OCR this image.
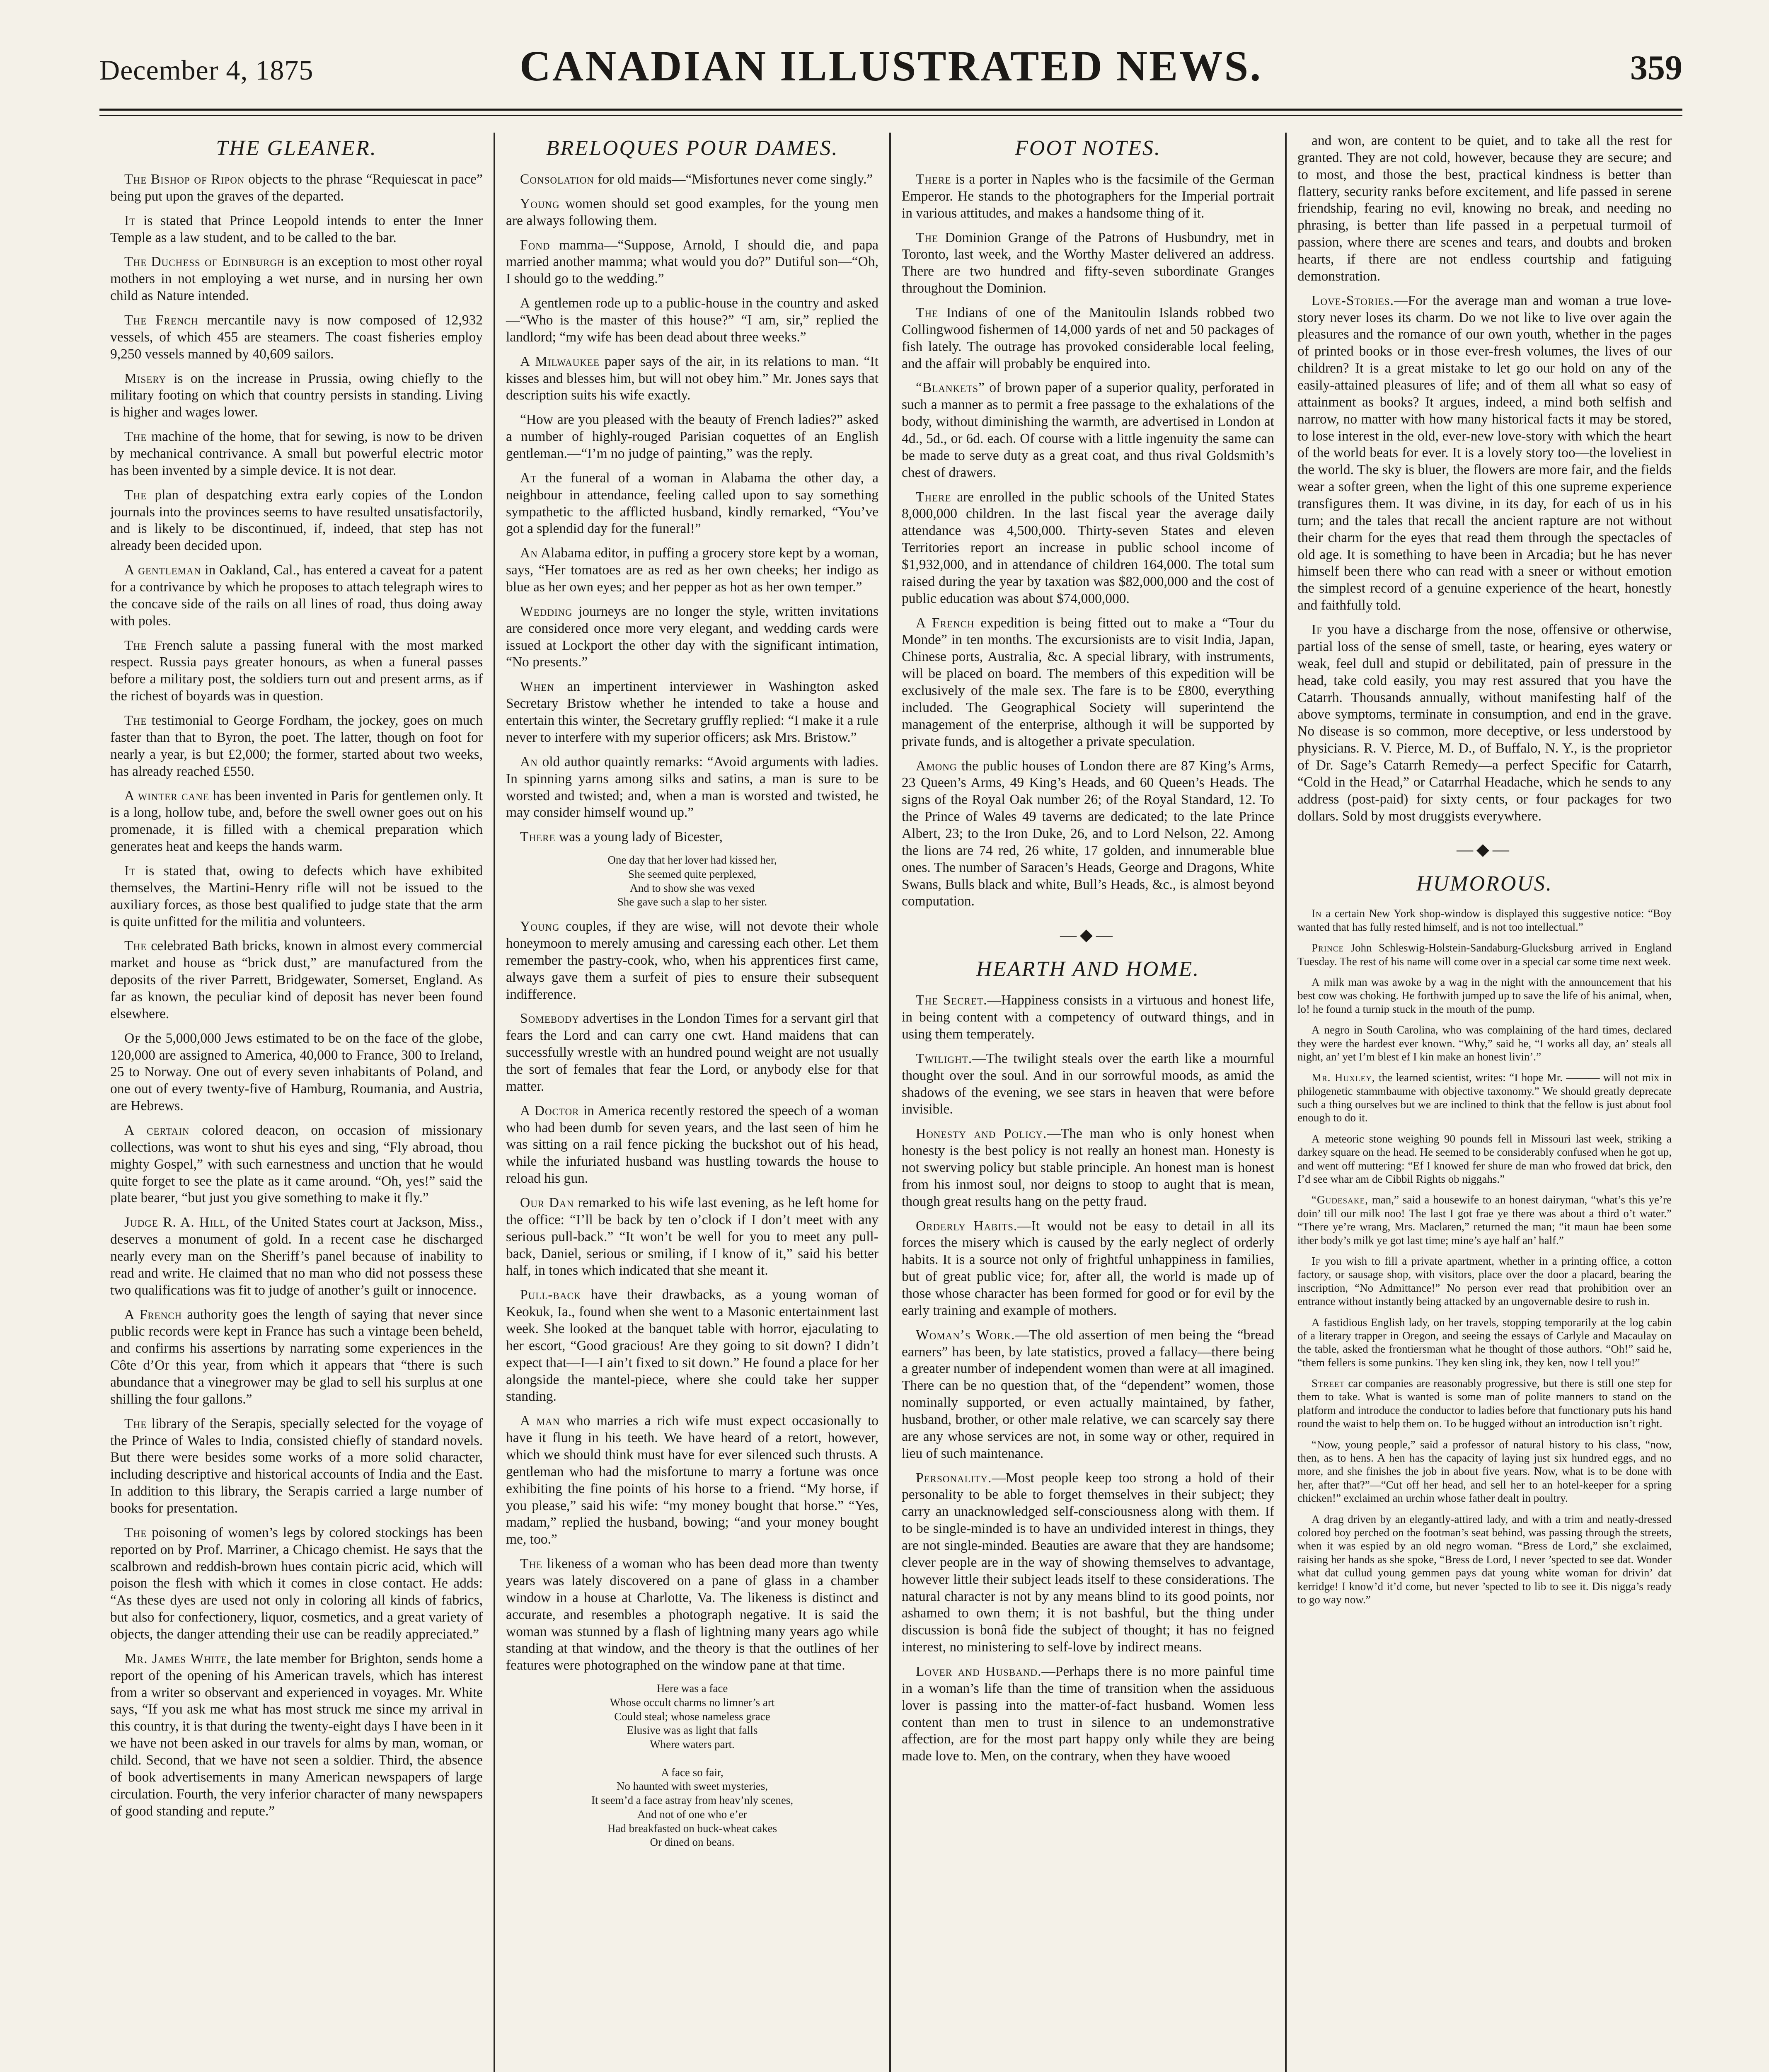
December 4, 1875	CANADIAN ILLUSTRATED NEWS.	359
THE GLEANER.

The Bishop of Ripon objects to the phrase “Requiescat in pace” being put upon the graves of the departed.

It is stated that Prince Leopold intends to enter the Inner Temple as a law student, and to be called to the bar.

The Duchess of Edinburgh is an exception to most other royal mothers in not employing a wet nurse, and in nursing her own child as Nature intended.

The French mercantile navy is now composed of 12,932 vessels, of which 455 are steamers. The coast fisheries employ 9,250 vessels manned by 40,609 sailors.

Misery is on the increase in Prussia, owing chiefly to the military footing on which that country persists in standing. Living is higher and wages lower.

The machine of the home, that for sewing, is now to be driven by mechanical contrivance. A small but powerful electric motor has been invented by a simple device. It is not dear.

The plan of despatching extra early copies of the London journals into the provinces seems to have resulted unsatisfactorily, and is likely to be discontinued, if, indeed, that step has not already been decided upon.

A gentleman in Oakland, Cal., has entered a caveat for a patent for a contrivance by which he proposes to attach telegraph wires to the concave side of the rails on all lines of road, thus doing away with poles.

The French salute a passing funeral with the most marked respect. Russia pays greater honours, as when a funeral passes before a military post, the soldiers turn out and present arms, as if the richest of boyards was in question.

The testimonial to George Fordham, the jockey, goes on much faster than that to Byron, the poet. The latter, though on foot for nearly a year, is but £2,000; the former, started about two weeks, has already reached £550.

A winter cane has been invented in Paris for gentlemen only. It is a long, hollow tube, and, before the swell owner goes out on his promenade, it is filled with a chemical preparation which generates heat and keeps the hands warm.

It is stated that, owing to defects which have exhibited themselves, the Martini-Henry rifle will not be issued to the auxiliary forces, as those best qualified to judge state that the arm is quite unfitted for the militia and volunteers.

The celebrated Bath bricks, known in almost every commercial market and house as “brick dust,” are manufactured from the deposits of the river Parrett, Bridgewater, Somerset, England. As far as known, the peculiar kind of deposit has never been found elsewhere.

Of the 5,000,000 Jews estimated to be on the face of the globe, 120,000 are assigned to America, 40,000 to France, 300 to Ireland, 25 to Norway. One out of every seven inhabitants of Poland, and one out of every twenty-five of Hamburg, Roumania, and Austria, are Hebrews.

A certain colored deacon, on occasion of missionary collections, was wont to shut his eyes and sing, “Fly abroad, thou mighty Gospel,” with such earnestness and unction that he would quite forget to see the plate as it came around. “Oh, yes!” said the plate bearer, “but just you give something to make it fly.”

Judge R. A. Hill, of the United States court at Jackson, Miss., deserves a monument of gold. In a recent case he discharged nearly every man on the Sheriff’s panel because of inability to read and write. He claimed that no man who did not possess these two qualifications was fit to judge of another’s guilt or innocence.

A French authority goes the length of saying that never since public records were kept in France has such a vintage been beheld, and confirms his assertions by narrating some experiences in the Côte d’Or this year, from which it appears that “there is such abundance that a vinegrower may be glad to sell his surplus at one shilling the four gallons.”

The library of the Serapis, specially selected for the voyage of the Prince of Wales to India, consisted chiefly of standard novels. But there were besides some works of a more solid character, including descriptive and historical accounts of India and the East. In addition to this library, the Serapis carried a large number of books for presentation.

The poisoning of women’s legs by colored stockings has been reported on by Prof. Marriner, a Chicago chemist. He says that the scalbrown and reddish-brown hues contain picric acid, which will poison the flesh with which it comes in close contact. He adds: “As these dyes are used not only in coloring all kinds of fabrics, but also for confectionery, liquor, cosmetics, and a great variety of objects, the danger attending their use can be readily appreciated.”

Mr. James White, the late member for Brighton, sends home a report of the opening of his American travels, which has interest from a writer so observant and experienced in voyages. Mr. White says, “If you ask me what has most struck me since my arrival in this country, it is that during the twenty-eight days I have been in it we have not been asked in our travels for alms by man, woman, or child. Second, that we have not seen a soldier. Third, the absence of book advertisements in many American newspapers of large circulation. Fourth, the very inferior character of many newspapers of good standing and repute.”

BRELOQUES POUR DAMES.

Consolation for old maids—“Misfortunes never come singly.”

Young women should set good examples, for the young men are always following them.

Fond mamma—“Suppose, Arnold, I should die, and papa married another mamma; what would you do?” Dutiful son—“Oh, I should go to the wedding.”

A gentlemen rode up to a public-house in the country and asked—“Who is the master of this house?” “I am, sir,” replied the landlord; “my wife has been dead about three weeks.”

A Milwaukee paper says of the air, in its relations to man. “It kisses and blesses him, but will not obey him.” Mr. Jones says that description suits his wife exactly.

“How are you pleased with the beauty of French ladies?” asked a number of highly-rouged Parisian coquettes of an English gentleman.—“I’m no judge of painting,” was the reply.

At the funeral of a woman in Alabama the other day, a neighbour in attendance, feeling called upon to say something sympathetic to the afflicted husband, kindly remarked, “You’ve got a splendid day for the funeral!”

An Alabama editor, in puffing a grocery store kept by a woman, says, “Her tomatoes are as red as her own cheeks; her indigo as blue as her own eyes; and her pepper as hot as her own temper.”

Wedding journeys are no longer the style, written invitations are considered once more very elegant, and wedding cards were issued at Lockport the other day with the significant intimation, “No presents.”

When an impertinent interviewer in Washington asked Secretary Bristow whether he intended to take a house and entertain this winter, the Secretary gruffly replied: “I make it a rule never to interfere with my superior officers; ask Mrs. Bristow.”

An old author quaintly remarks: “Avoid arguments with ladies. In spinning yarns among silks and satins, a man is sure to be worsted and twisted; and, when a man is worsted and twisted, he may consider himself wound up.”

There was a young lady of Bicester,

One day that her lover had kissed her,
She seemed quite perplexed,
And to show she was vexed
She gave such a slap to her sister.

Young couples, if they are wise, will not devote their whole honeymoon to merely amusing and caressing each other. Let them remember the pastry-cook, who, when his apprentices first came, always gave them a surfeit of pies to ensure their subsequent indifference.

Somebody advertises in the London Times for a servant girl that fears the Lord and can carry one cwt. Hand maidens that can successfully wrestle with an hundred pound weight are not usually the sort of females that fear the Lord, or anybody else for that matter.

A Doctor in America recently restored the speech of a woman who had been dumb for seven years, and the last seen of him he was sitting on a rail fence picking the buckshot out of his head, while the infuriated husband was hustling towards the house to reload his gun.

Our Dan remarked to his wife last evening, as he left home for the office: “I’ll be back by ten o’clock if I don’t meet with any serious pull-back.” “It won’t be well for you to meet any pull-back, Daniel, serious or smiling, if I know of it,” said his better half, in tones which indicated that she meant it.

Pull-back have their drawbacks, as a young woman of Keokuk, Ia., found when she went to a Masonic entertainment last week. She looked at the banquet table with horror, ejaculating to her escort, “Good gracious! Are they going to sit down? I didn’t expect that—I—I ain’t fixed to sit down.” He found a place for her alongside the mantel-piece, where she could take her supper standing.

A man who marries a rich wife must expect occasionally to have it flung in his teeth. We have heard of a retort, however, which we should think must have for ever silenced such thrusts. A gentleman who had the misfortune to marry a fortune was once exhibiting the fine points of his horse to a friend. “My horse, if you please,” said his wife: “my money bought that horse.” “Yes, madam,” replied the husband, bowing; “and your money bought me, too.”

The likeness of a woman who has been dead more than twenty years was lately discovered on a pane of glass in a chamber window in a house at Charlotte, Va. The likeness is distinct and accurate, and resembles a photograph negative. It is said the woman was stunned by a flash of lightning many years ago while standing at that window, and the theory is that the outlines of her features were photographed on the window pane at that time.

Here was a face
Whose occult charms no limner’s art
Could steal; whose nameless grace
Elusive was as light that falls
Where waters part.

A face so fair,
No haunted with sweet mysteries,
It seem’d a face astray from heav’nly scenes,
And not of one who e’er
Had breakfasted on buck-wheat cakes
Or dined on beans.
FOOT NOTES.

There is a porter in Naples who is the facsimile of the German Emperor. He stands to the photographers for the Imperial portrait in various attitudes, and makes a handsome thing of it.

The Dominion Grange of the Patrons of Husbundry, met in Toronto, last week, and the Worthy Master delivered an address. There are two hundred and fifty-seven subordinate Granges throughout the Dominion.

The Indians of one of the Manitoulin Islands robbed two Collingwood fishermen of 14,000 yards of net and 50 packages of fish lately. The outrage has provoked considerable local feeling, and the affair will probably be enquired into.

“Blankets” of brown paper of a superior quality, perforated in such a manner as to permit a free passage to the exhalations of the body, without diminishing the warmth, are advertised in London at 4d., 5d., or 6d. each. Of course with a little ingenuity the same can be made to serve duty as a great coat, and thus rival Goldsmith’s chest of drawers.

There are enrolled in the public schools of the United States 8,000,000 children. In the last fiscal year the average daily attendance was 4,500,000. Thirty-seven States and eleven Territories report an increase in public school income of $1,932,000, and in attendance of children 164,000. The total sum raised during the year by taxation was $82,000,000 and the cost of public education was about $74,000,000.

A French expedition is being fitted out to make a “Tour du Monde” in ten months. The excursionists are to visit India, Japan, Chinese ports, Australia, &c. A special library, with instruments, will be placed on board. The members of this expedition will be exclusively of the male sex. The fare is to be £800, everything included. The Geographical Society will superintend the management of the enterprise, although it will be supported by private funds, and is altogether a private speculation.

Among the public houses of London there are 87 King’s Arms, 23 Queen’s Arms, 49 King’s Heads, and 60 Queen’s Heads. The signs of the Royal Oak number 26; of the Royal Standard, 12. To the Prince of Wales 49 taverns are dedicated; to the late Prince Albert, 23; to the Iron Duke, 26, and to Lord Nelson, 22. Among the lions are 74 red, 26 white, 17 golden, and innumerable blue ones. The number of Saracen’s Heads, George and Dragons, White Swans, Bulls black and white, Bull’s Heads, &c., is almost beyond computation.

—◆—
HEARTH AND HOME.

The Secret.—Happiness consists in a virtuous and honest life, in being content with a competency of outward things, and in using them temperately.

Twilight.—The twilight steals over the earth like a mournful thought over the soul. And in our sorrowful moods, as amid the shadows of the evening, we see stars in heaven that were before invisible.

Honesty and Policy.—The man who is only honest when honesty is the best policy is not really an honest man. Honesty is not swerving policy but stable principle. An honest man is honest from his inmost soul, nor deigns to stoop to aught that is mean, though great results hang on the petty fraud.

Orderly Habits.—It would not be easy to detail in all its forces the misery which is caused by the early neglect of orderly habits. It is a source not only of frightful unhappiness in families, but of great public vice; for, after all, the world is made up of those whose character has been formed for good or for evil by the early training and example of mothers.

Woman’s Work.—The old assertion of men being the “bread earners” has been, by late statistics, proved a fallacy—there being a greater number of independent women than were at all imagined. There can be no question that, of the “dependent” women, those nominally supported, or even actually maintained, by father, husband, brother, or other male relative, we can scarcely say there are any whose services are not, in some way or other, required in lieu of such maintenance.

Personality.—Most people keep too strong a hold of their personality to be able to forget themselves in their subject; they carry an unacknowledged self-consciousness along with them. If to be single-minded is to have an undivided interest in things, they are not single-minded. Beauties are aware that they are handsome; clever people are in the way of showing themselves to advantage, however little their subject leads itself to these considerations. The natural character is not by any means blind to its good points, nor ashamed to own them; it is not bashful, but the thing under discussion is bonâ fide the subject of thought; it has no feigned interest, no ministering to self-love by indirect means.

Lover and Husband.—Perhaps there is no more painful time in a woman’s life than the time of transition when the assiduous lover is passing into the matter-of-fact husband. Women less content than men to trust in silence to an undemonstrative affection, are for the most part happy only while they are being made love to. Men, on the contrary, when they have wooed

and won, are content to be quiet, and to take all the rest for granted. They are not cold, however, because they are secure; and to most, and those the best, practical kindness is better than flattery, security ranks before excitement, and life passed in serene friendship, fearing no evil, knowing no break, and needing no phrasing, is better than life passed in a perpetual turmoil of passion, where there are scenes and tears, and doubts and broken hearts, if there are not endless courtship and fatiguing demonstration.

Love-Stories.—For the average man and woman a true love-story never loses its charm. Do we not like to live over again the pleasures and the romance of our own youth, whether in the pages of printed books or in those ever-fresh volumes, the lives of our children? It is a great mistake to let go our hold on any of the easily-attained pleasures of life; and of them all what so easy of attainment as books? It argues, indeed, a mind both selfish and narrow, no matter with how many historical facts it may be stored, to lose interest in the old, ever-new love-story with which the heart of the world beats for ever. It is a lovely story too—the loveliest in the world. The sky is bluer, the flowers are more fair, and the fields wear a softer green, when the light of this one supreme experience transfigures them. It was divine, in its day, for each of us in his turn; and the tales that recall the ancient rapture are not without their charm for the eyes that read them through the spectacles of old age. It is something to have been in Arcadia; but he has never himself been there who can read with a sneer or without emotion the simplest record of a genuine experience of the heart, honestly and faithfully told.

If you have a discharge from the nose, offensive or otherwise, partial loss of the sense of smell, taste, or hearing, eyes watery or weak, feel dull and stupid or debilitated, pain of pressure in the head, take cold easily, you may rest assured that you have the Catarrh. Thousands annually, without manifesting half of the above symptoms, terminate in consumption, and end in the grave. No disease is so common, more deceptive, or less understood by physicians. R. V. Pierce, M. D., of Buffalo, N. Y., is the proprietor of Dr. Sage’s Catarrh Remedy—a perfect Specific for Catarrh, “Cold in the Head,” or Catarrhal Headache, which he sends to any address (post-paid) for sixty cents, or four packages for two dollars. Sold by most druggists everywhere.

—◆—
HUMOROUS.

In a certain New York shop-window is displayed this suggestive notice: “Boy wanted that has fully rested himself, and is not too intellectual.”

Prince John Schleswig-Holstein-Sandaburg-Glucksburg arrived in England Tuesday. The rest of his name will come over in a special car some time next week.

A milk man was awoke by a wag in the night with the announcement that his best cow was choking. He forthwith jumped up to save the life of his animal, when, lo! he found a turnip stuck in the mouth of the pump.

A negro in South Carolina, who was complaining of the hard times, declared they were the hardest ever known. “Why,” said he, “I works all day, an’ steals all night, an’ yet I’m blest ef I kin make an honest livin’.”

Mr. Huxley, the learned scientist, writes: “I hope Mr. ——— will not mix in philogenetic stammbaume with objective taxonomy.” We should greatly deprecate such a thing ourselves but we are inclined to think that the fellow is just about fool enough to do it.

A meteoric stone weighing 90 pounds fell in Missouri last week, striking a darkey square on the head. He seemed to be considerably confused when he got up, and went off muttering: “Ef I knowed fer shure de man who frowed dat brick, den I’d see whar am de Cibbil Rights ob niggahs.”

“Gudesake, man,” said a housewife to an honest dairyman, “what’s this ye’re doin’ till our milk noo! The last I got frae ye there was about a third o’t water.” “There ye’re wrang, Mrs. Maclaren,” returned the man; “it maun hae been some ither body’s milk ye got last time; mine’s aye half an’ half.”

If you wish to fill a private apartment, whether in a printing office, a cotton factory, or sausage shop, with visitors, place over the door a placard, bearing the inscription, “No Admittance!” No person ever read that prohibition over an entrance without instantly being attacked by an ungovernable desire to rush in.

A fastidious English lady, on her travels, stopping temporarily at the log cabin of a literary trapper in Oregon, and seeing the essays of Carlyle and Macaulay on the table, asked the frontiersman what he thought of those authors. “Oh!” said he, “them fellers is some punkins. They ken sling ink, they ken, now I tell you!”

Street car companies are reasonably progressive, but there is still one step for them to take. What is wanted is some man of polite manners to stand on the platform and introduce the conductor to ladies before that functionary puts his hand round the waist to help them on. To be hugged without an introduction isn’t right.

“Now, young people,” said a professor of natural history to his class, “now, then, as to hens. A hen has the capacity of laying just six hundred eggs, and no more, and she finishes the job in about five years. Now, what is to be done with her, after that?”—“Cut off her head, and sell her to an hotel-keeper for a spring chicken!” exclaimed an urchin whose father dealt in poultry.

A drag driven by an elegantly-attired lady, and with a trim and neatly-dressed colored boy perched on the footman’s seat behind, was passing through the streets, when it was espied by an old negro woman. “Bress de Lord,” she exclaimed, raising her hands as she spoke, “Bress de Lord, I never ’spected to see dat. Wonder what dat cullud young gemmen pays dat young white woman for drivin’ dat kerridge! I know’d it’d come, but never ’spected to lib to see it. Dis nigga’s ready to go way now.”
